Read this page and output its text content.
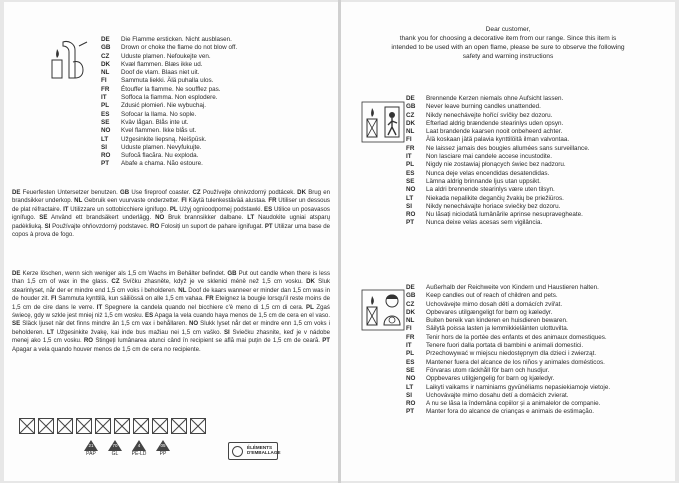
DE Die Flamme ersticken. Nicht ausblasen.
GB Drown or choke the flame do not blow off.
CZ Uduste plamen. Nefoukejte ven.
DK Kvæl flammen. Blæs ikke ud.
NL Doof de vlam. Blaas niet uit.
FI Sammuta liekki. Älä puhalla ulos.
FR Étouffer la flamme. Ne soufflez pas.
IT Soffoca la fiamma. Non esplodere.
PL Zdusić płomień. Nie wybuchaj.
ES Sofocar la llama. No sople.
SE Kväv lågan. Blås inte ut.
NO Kvel flammen. Ikke blås ut.
LT Užgesinkite liepsną. Neišpūsk.
SI Uduste plamen. Nevyfukujte.
RO Sufocă flacăra. Nu exploda.
PT Abafe a chama. Não estoure.
DE Feuerfesten Untersetzer benutzen. GB Use fireproof coaster. CZ Používejte ohnivzdorný podtácek. DK Brug en brandsikker underkop. NL Gebruik een vuurvaste onderzetter. FI Käytä tulenkestävää alustaa. FR Utiliser un dessous de plat réfractaire. IT Utilizzare un sottobicchiere ignifugo. PL Użyj ognioodpornej podstawki. ES Utilice un posavasos ignífugo. SE Använd ett brandsäkert underlägg. NO Bruk brannsikker dalbane. LT Naudokite ugniai atsparų padėkliuką. SI Používajte ohňovzdorný podstavec. RO Folosiți un suport de pahare ignifugat. PT Utilizar uma base de copos à prova de fogo.
DE Kerze löschen, wenn sich weniger als 1,5 cm Wachs im Behälter befindet. GB Put out candle when there is less than 1,5 cm of wax in the glass. CZ Svíčku zhasněte, když je ve sklenici méně než 1,5 cm vosku. DK Sluk stearinlyset, når der er mindre end 1,5 cm voks i beholderen. NL Doof de kaars wanneer er minder dan 1,5 cm was in de houder zit. FI Sammuta kynttilä, kun säiliössä on alle 1,5 cm vahaa. FR Eteignez la bougie lorsqu'il reste moins de 1,5 cm de cire dans le verre. IT Spegnere la candela quando nel bicchiere c'è meno di 1,5 cm di cera. PL Zgaś świecę, gdy w szkle jest mniej niż 1,5 cm wosku. ES Apaga la vela cuando haya menos de 1,5 cm de cera en el vaso. SE Släck ljuset när det finns mindre än 1,5 cm vax i behållaren. NO Slukk lyset når det er mindre enn 1,5 cm voks i beholderen. LT Užgesinkite žvakę, kai inde bus mažiau nei 1,5 cm vaško. SI Sviečku zhasnite, keď je v nádobe menej ako 1,5 cm vosku. RO Stingeți lumânarea atunci când în recipient se află mai puțin de 1,5 cm de ceară. PT Apagar a vela quando houver menos de 1,5 cm de cera no recipiente.
21
PAP
70
GL
4
PE-LD
05
PP
ÉLÉMENTS D'EMBALLAGE
Dear customer,
thank you for choosing a decorative item from our range. Since this item is
intended to be used with an open flame, please be sure to observe the following
safety and warning instructions
DE Brennende Kerzen niemals ohne Aufsicht lassen.
GB Never leave burning candles unattended.
CZ Nikdy nenechávejte hořící svíčky bez dozoru.
DK Efterlad aldrig brændende stearinlys uden opsyn.
NL Laat brandende kaarsen nooit onbeheerd achter.
FI Älä koskaan jätä palavia kynttilöitä ilman valvontaa.
FR Ne laissez jamais des bougies allumées sans surveillance.
IT Non lasciare mai candele accese incustodite.
PL Nigdy nie zostawiaj płonących świec bez nadzoru.
ES Nunca deje velas encendidas desatendidas.
SE Lämna aldrig brinnande ljus utan uppsikt.
NO La aldri brennende stearinlys være uten tilsyn.
LT Niekada nepalikite degančių žvakių be priežiūros.
SI Nikdy nenechávajte horiace sviečky bez dozoru.
RO Nu lăsați niciodată lumânările aprinse nesupravegheate.
PT Nunca deixe velas acesas sem vigilância.
DE Außerhalb der Reichweite von Kindern und Haustieren halten.
GB Keep candles out of reach of children and pets.
CZ Uchovávejte mimo dosah dětí a domácích zvířat.
DK Opbevares utilgængeligt for børn og kæledyr.
NL Buiten bereik van kinderen en huisdieren bewaren.
FI Säilytä poissa lasten ja lemmikkieläinten ulottuvilta.
FR Tenir hors de la portée des enfants et des animaux domestiques.
IT Tenere fuori dalla portata di bambini e animali domestici.
PL Przechowywać w miejscu niedostępnym dla dzieci i zwierząt.
ES Mantener fuera del alcance de los niños y animales domésticos.
SE Förvaras utom räckhåll för barn och husdjur.
NO Oppbevares utilgjengelig for barn og kjæledyr.
LT Laikyti vaikams ir naminiams gyvūnėliams nepasiekiamoje vietoje.
SI Uchovávajte mimo dosahu detí a domácich zvierat.
RO A nu se lăsa la îndemâna copiilor și a animalelor de companie.
PT Manter fora do alcance de crianças e animais de estimação.
